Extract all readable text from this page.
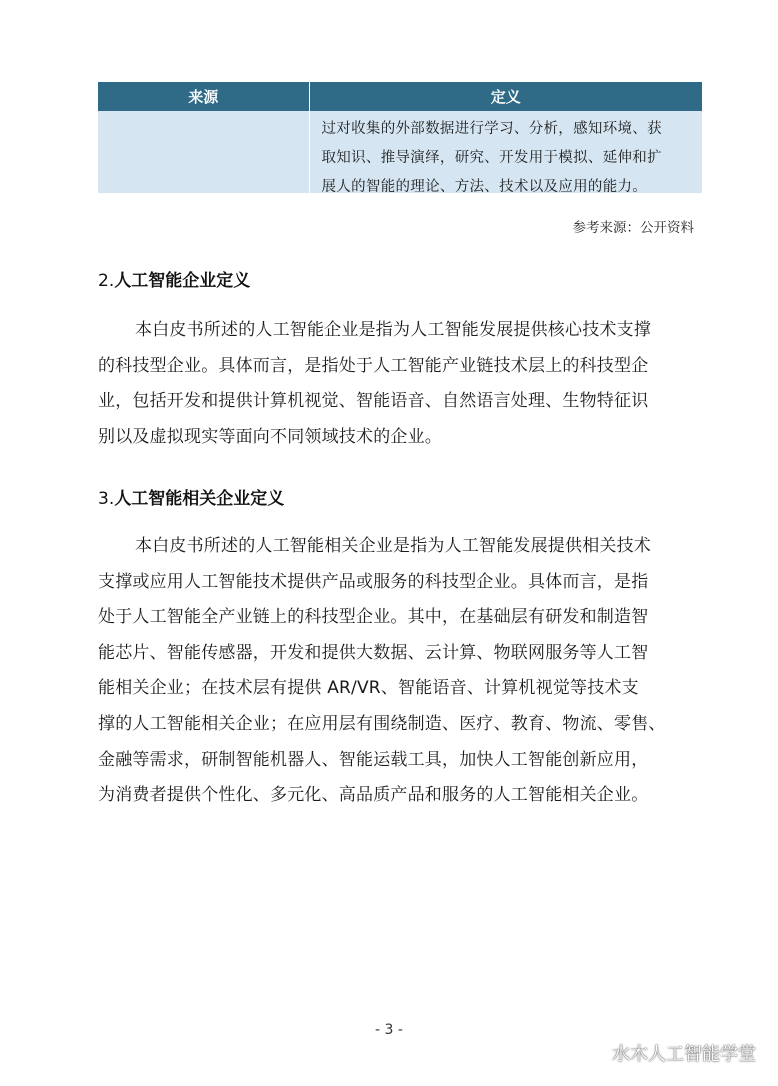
来源	定义

	过对收集的外部数据进行学习、分析，感知环境、获
取知识、推导演绎，研究、开发用于模拟、延伸和扩
展人的智能的理论、方法、技术以及应用的能力。
参考来源：公开资料
2.人工智能企业定义
本白皮书所述的人工智能企业是指为人工智能发展提供核心技术支撑
的科技型企业。具体而言，是指处于人工智能产业链技术层上的科技型企
业，包括开发和提供计算机视觉、智能语音、自然语言处理、生物特征识
别以及虚拟现实等面向不同领域技术的企业。
3.人工智能相关企业定义
本白皮书所述的人工智能相关企业是指为人工智能发展提供相关技术
支撑或应用人工智能技术提供产品或服务的科技型企业。具体而言，是指
处于人工智能全产业链上的科技型企业。其中，在基础层有研发和制造智
能芯片、智能传感器，开发和提供大数据、云计算、物联网服务等人工智
能相关企业；在技术层有提供 AR/VR、智能语音、计算机视觉等技术支
撑的人工智能相关企业；在应用层有围绕制造、医疗、教育、物流、零售、
金融等需求，研制智能机器人、智能运载工具，加快人工智能创新应用，
为消费者提供个性化、多元化、高品质产品和服务的人工智能相关企业。
- 3 -
水木人工智能学堂
